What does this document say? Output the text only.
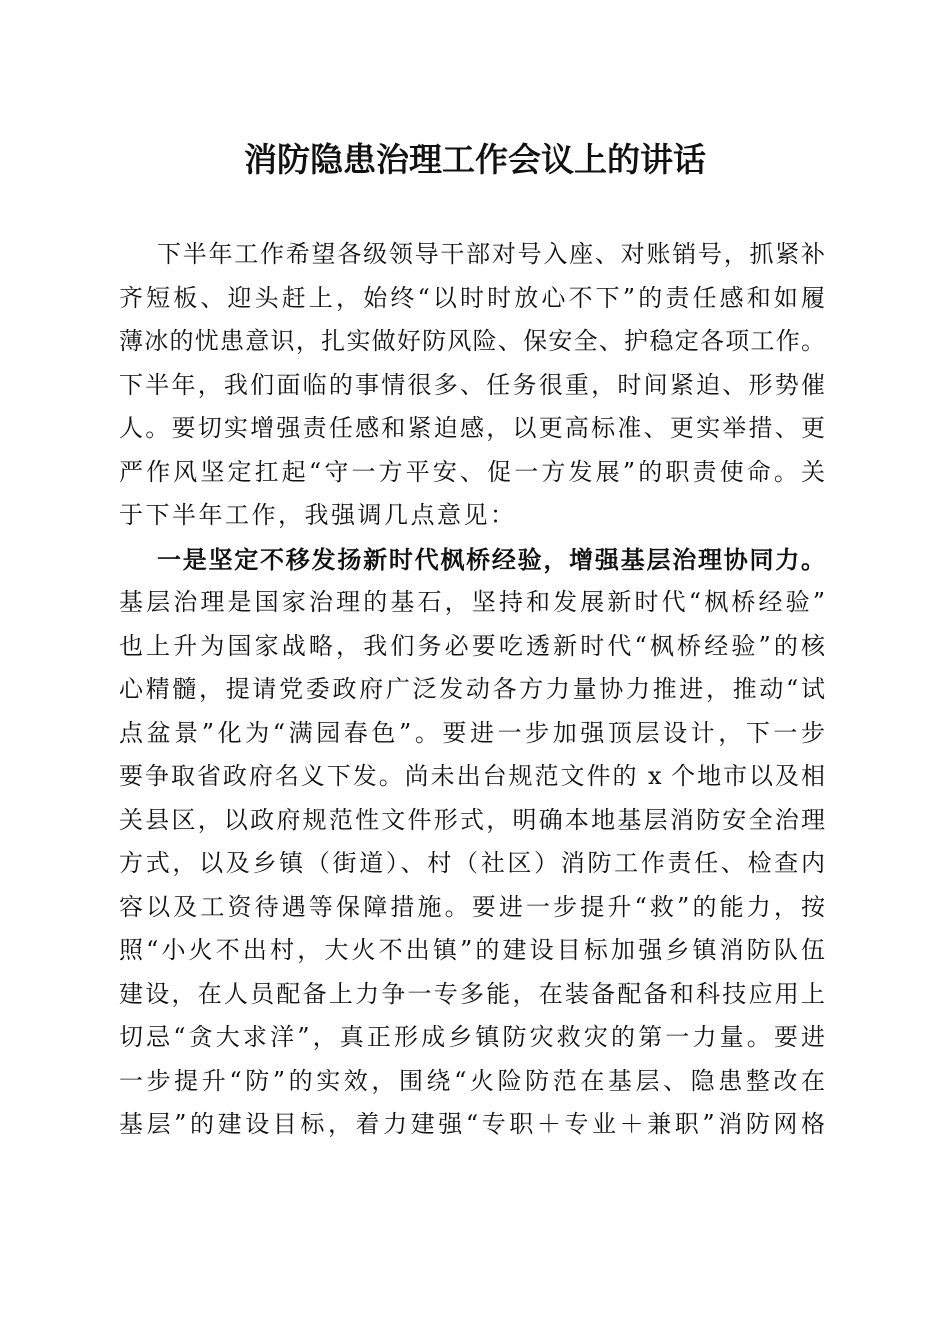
消防隐患治理工作会议上的讲话
下半年工作希望各级领导干部对号入座、对账销号，抓紧补
齐短板、迎头赶上，始终“以时时放心不下”的责任感和如履
薄冰的忧患意识，扎实做好防风险、保安全、护稳定各项工作。
下半年，我们面临的事情很多、任务很重，时间紧迫、形势催
人。要切实增强责任感和紧迫感，以更高标准、更实举措、更
严作风坚定扛起“守一方平安、促一方发展”的职责使命。关
于下半年工作，我强调几点意见：
一是坚定不移发扬新时代枫桥经验，增强基层治理协同力。
基层治理是国家治理的基石，坚持和发展新时代“枫桥经验”
也上升为国家战略，我们务必要吃透新时代“枫桥经验”的核
心精髓，提请党委政府广泛发动各方力量协力推进，推动“试
点盆景”化为“满园春色”。要进一步加强顶层设计，下一步
要争取省政府名义下发。尚未出台规范文件的 x 个地市以及相
关县区，以政府规范性文件形式，明确本地基层消防安全治理
方式，以及乡镇（街道）、村（社区）消防工作责任、检查内
容以及工资待遇等保障措施。要进一步提升“救”的能力，按
照“小火不出村，大火不出镇”的建设目标加强乡镇消防队伍
建设，在人员配备上力争一专多能，在装备配备和科技应用上
切忌“贪大求洋”，真正形成乡镇防灾救灾的第一力量。要进
一步提升“防”的实效，围绕“火险防范在基层、隐患整改在
基层”的建设目标，着力建强“专职＋专业＋兼职”消防网格
